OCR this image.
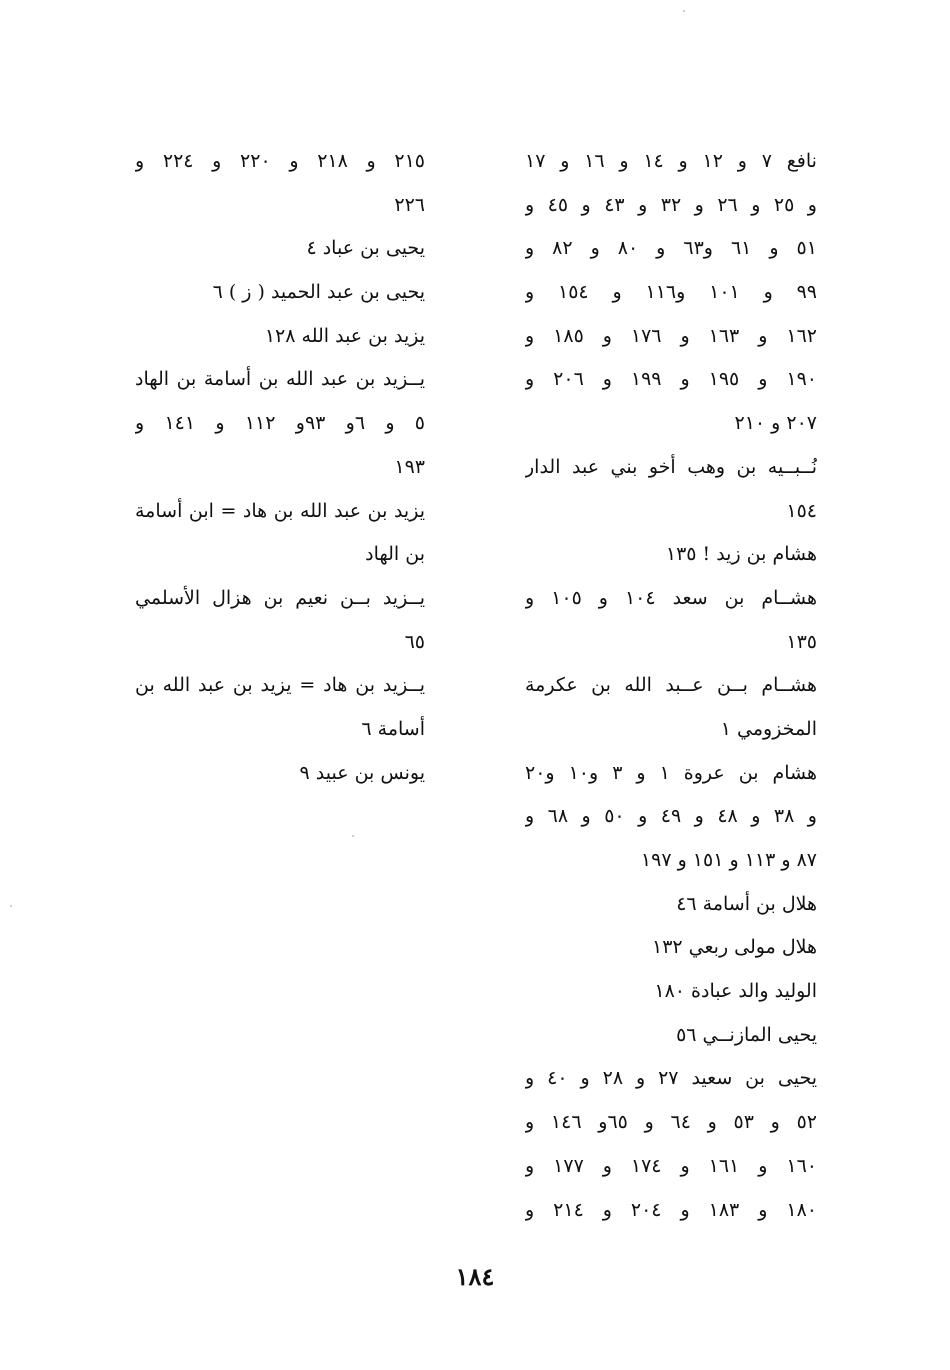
نافع ٧ و ١٢ و ١٤ و ١٦ و ١٧
و ٢٥ و ٢٦ و ٣٢ و ٤٣ و ٤٥ و
٥١ و ٦١ و٦٣ و ٨٠ و ٨٢ و
٩٩ و ١٠١ و١١٦ و ١٥٤ و
١٦٢ و ١٦٣ و ١٧٦ و ١٨٥ و
١٩٠ و ١٩٥ و ١٩٩ و ٢٠٦ و
٢٠٧ و ٢١٠
نُــبــيه بن وهب أخو بني عبد الدار
١٥٤
هشام بن زيد ! ١٣٥
هشــام بن سعد ١٠٤ و ١٠٥ و
١٣٥
هشــام بــن عــبد الله بن عكرمة
المخزومي ١
هشام بن عروة ١ و ٣ و١٠ و٢٠
و ٣٨ و ٤٨ و ٤٩ و ٥٠ و ٦٨ و
٨٧ و ١١٣ و ١٥١ و ١٩٧
هلال بن أسامة ٤٦
هلال مولى ربعي ١٣٢
الوليد والد عبادة ١٨٠
يحيى المازنــي ٥٦
يحيى بن سعيد ٢٧ و ٢٨ و ٤٠ و
٥٢ و ٥٣ و ٦٤ و ٦٥و ١٤٦ و
١٦٠ و ١٦١ و ١٧٤ و ١٧٧ و
١٨٠ و ١٨٣ و ٢٠٤ و ٢١٤ و
٢١٥ و ٢١٨ و ٢٢٠ و ٢٢٤ و
٢٢٦
يحيى بن عباد ٤
يحيى بن عبد الحميد ( ز ) ٦
يزيد بن عبد الله ١٢٨
يــزيد بن عبد الله بن أسامة بن الهاد
٥ و ٦و ٩٣و ١١٢ و ١٤١ و
١٩٣
يزيد بن عبد الله بن هاد = ابن أسامة
بن الهاد
يــزيد بــن نعيم بن هزال الأسلمي
٦٥
يــزيد بن هاد = يزيد بن عبد الله بن
أسامة ٦
يونس بن عبيد ٩
١٨٤
